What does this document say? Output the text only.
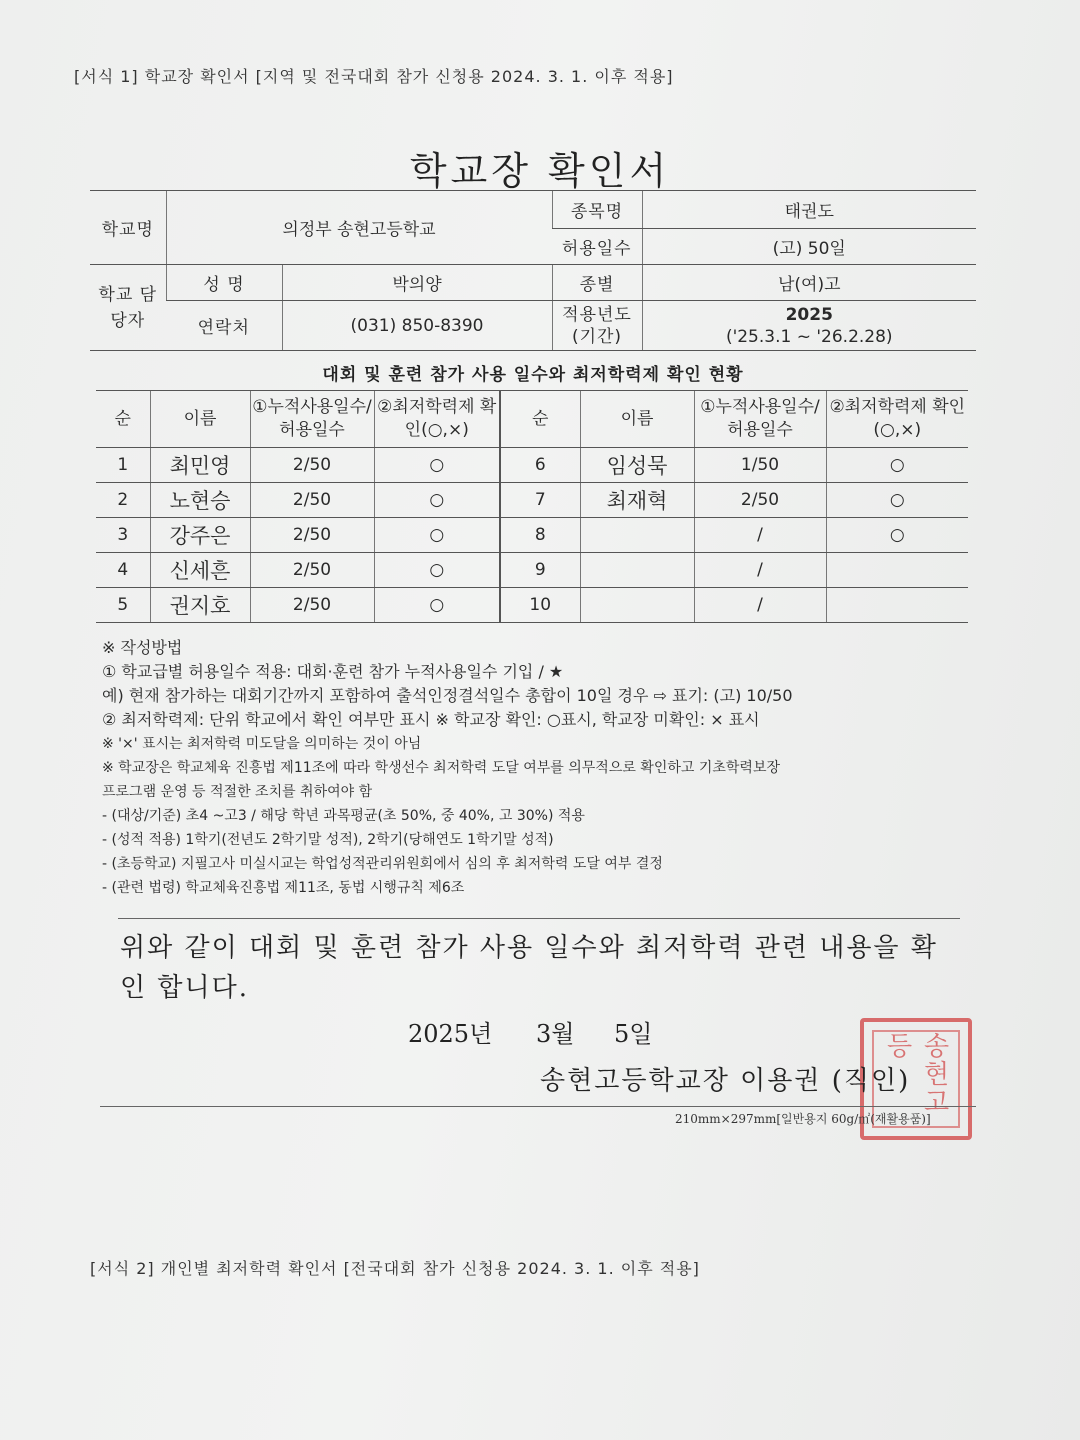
[서식 1] 학교장 확인서 [지역 및 전국대회 참가 신청용 2024. 3. 1. 이후 적용]
학교장 확인서
학교명	의정부 송현고등학교		종목명	태권도
			허용일수	(고) 50일
학교 담당자	성 명	박의양	종별	남(여)고
	연락처	(031) 850-8390	적용년도 (기간)	2025
('25.3.1 ~ '26.2.28)
대회 및 훈련 참가 사용 일수와 최저학력제 확인 현황
순	이름	①누적사용일수/ 허용일수	②최저학력제 확인(○,×)	순	이름	①누적사용일수/ 허용일수	②최저학력제 확인(○,×)
1	최민영	2/50	○	6	임성묵	1/50	○
2	노현승	2/50	○	7	최재혁	2/50	○
3	강주은	2/50	○	8		/	○
4	신세흔	2/50	○	9		/	
5	권지호	2/50	○	10		/	
※ 작성방법
① 학교급별 허용일수 적용: 대회·훈련 참가 누적사용일수 기입 / ★
예) 현재 참가하는 대회기간까지 포함하여 출석인정결석일수 총합이 10일 경우 ⇨ 표기: (고) 10/50
② 최저학력제: 단위 학교에서 확인 여부만 표시 ※ 학교장 확인: ○표시, 학교장 미확인: × 표시
※ '×' 표시는 최저학력 미도달을 의미하는 것이 아님
※ 학교장은 학교체육 진흥법 제11조에 따라 학생선수 최저학력 도달 여부를 의무적으로 확인하고 기초학력보장
프로그램 운영 등 적절한 조치를 취하여야 함
- (대상/기준) 초4 ~고3 / 해당 학년 과목평균(초 50%, 중 40%, 고 30%) 적용
- (성적 적용) 1학기(전년도 2학기말 성적), 2학기(당해연도 1학기말 성적)
- (초등학교) 지필고사 미실시교는 학업성적관리위원회에서 심의 후 최저학력 도달 여부 결정
- (관련 법령) 학교체육진흥법 제11조, 동법 시행규칙 제6조
위와 같이 대회 및 훈련 참가 사용 일수와 최저학력 관련 내용을 확인 합니다.
2025년 3월 5일	송현고등
송현고등학교장 이용권 (직인)
210mm×297mm[일반용지 60g/㎡(재활용품)]
[서식 2] 개인별 최저학력 확인서 [전국대회 참가 신청용 2024. 3. 1. 이후 적용]
